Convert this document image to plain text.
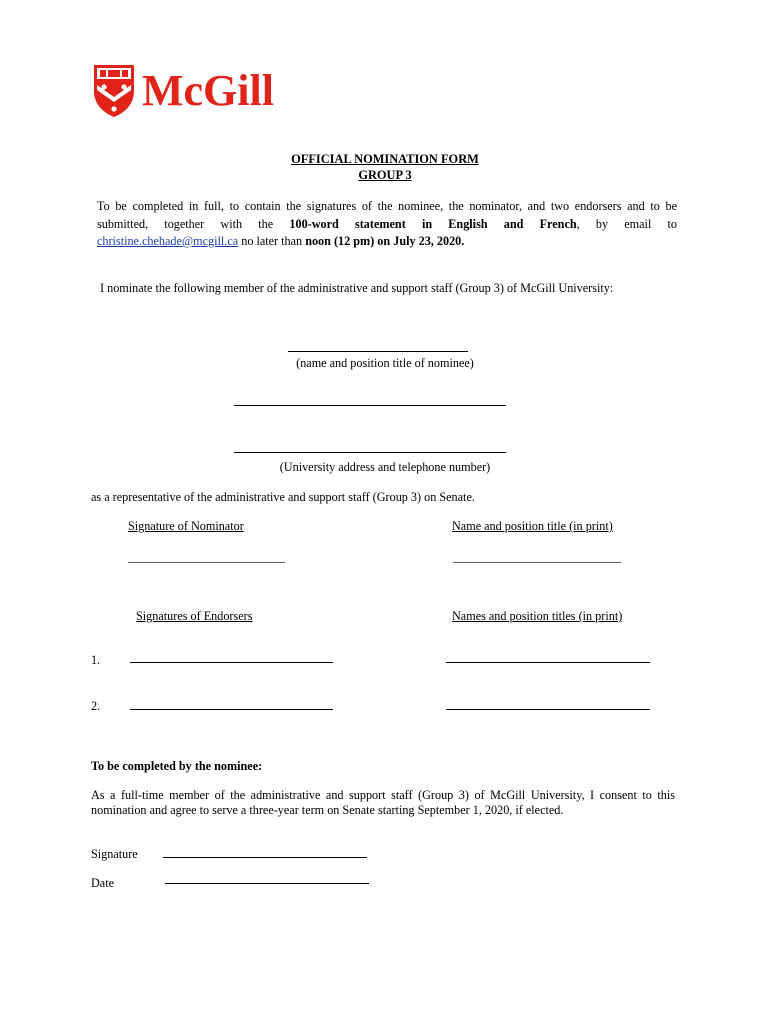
McGill
OFFICIAL NOMINATION FORM
GROUP 3
To be completed in full, to contain the signatures of the nominee, the nominator, and two endorsers and to be
submitted, together with the 100-word statement in English and French, by email to
christine.chehade@mcgill.ca no later than noon (12 pm) on July 23, 2020.
I nominate the following member of the administrative and support staff (Group 3) of McGill University:
(name and position title of nominee)
(University address and telephone number)
as a representative of the administrative and support staff (Group 3) on Senate.
Signature of Nominator	Name and position title (in print)
____________________________	______________________________
Signatures of Endorsers	Names and position titles (in print)
1.
2.
To be completed by the nominee:
As a full-time member of the administrative and support staff (Group 3) of McGill University, I consent to this
nomination and agree to serve a three-year term on Senate starting September 1, 2020, if elected.
Signature
Date
